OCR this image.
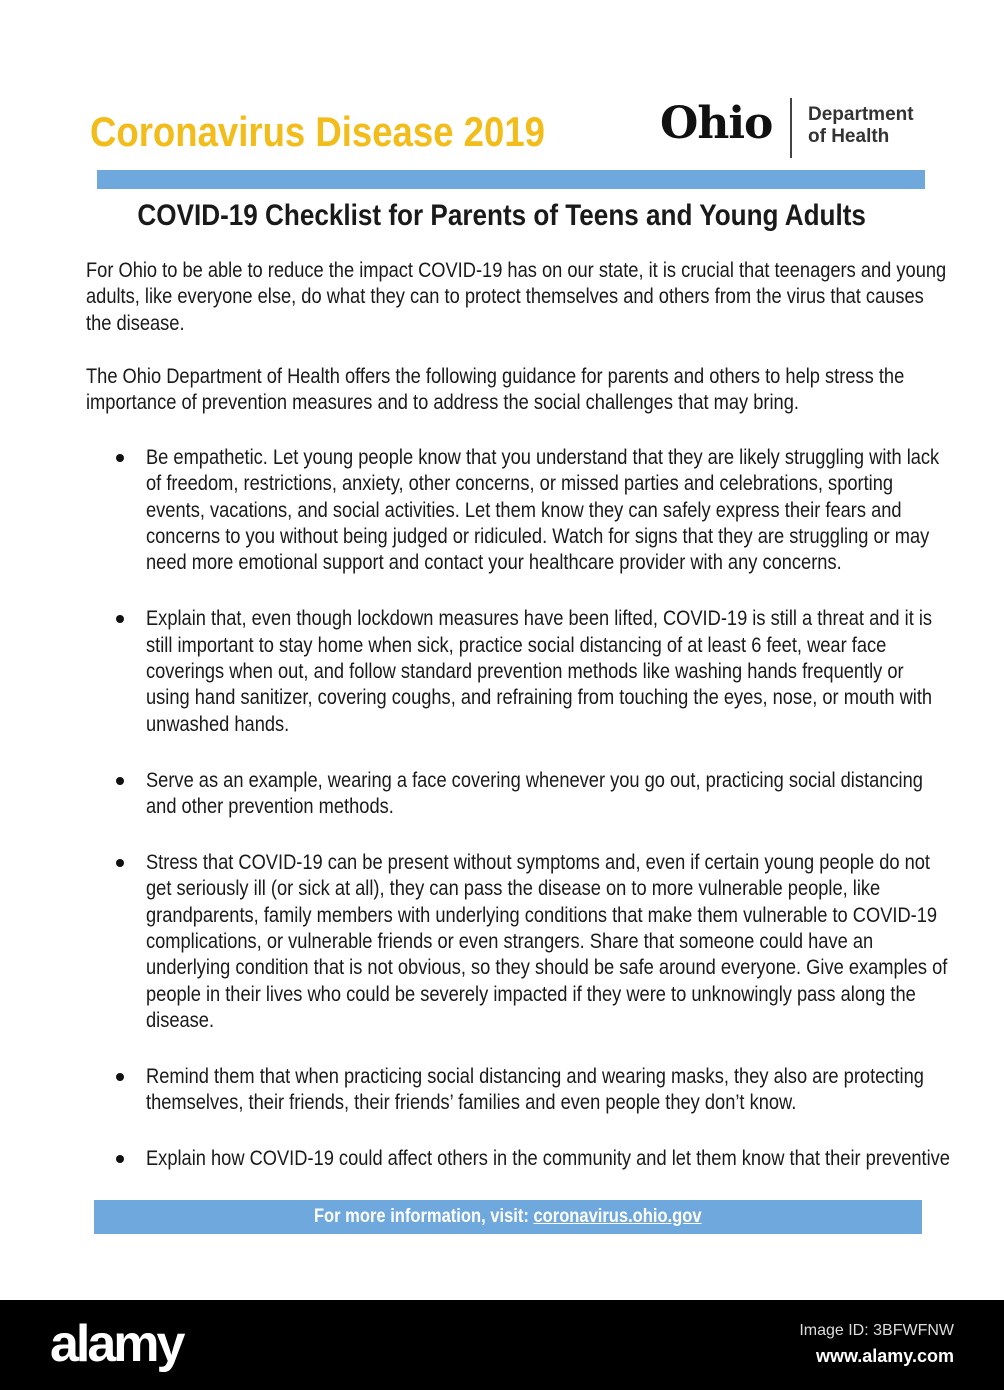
Coronavirus Disease 2019	Ohio Department
of Health
COVID-19 Checklist for Parents of Teens and Young Adults
For Ohio to be able to reduce the impact COVID-19 has on our state, it is crucial that teenagers and young
adults, like everyone else, do what they can to protect themselves and others from the virus that causes
the disease.
The Ohio Department of Health offers the following guidance for parents and others to help stress the
importance of prevention measures and to address the social challenges that may bring.
Be empathetic. Let young people know that you understand that they are likely struggling with lack
of freedom, restrictions, anxiety, other concerns, or missed parties and celebrations, sporting
events, vacations, and social activities. Let them know they can safely express their fears and
concerns to you without being judged or ridiculed. Watch for signs that they are struggling or may
need more emotional support and contact your healthcare provider with any concerns.
Explain that, even though lockdown measures have been lifted, COVID-19 is still a threat and it is
still important to stay home when sick, practice social distancing of at least 6 feet, wear face
coverings when out, and follow standard prevention methods like washing hands frequently or
using hand sanitizer, covering coughs, and refraining from touching the eyes, nose, or mouth with
unwashed hands.
Serve as an example, wearing a face covering whenever you go out, practicing social distancing
and other prevention methods.
Stress that COVID-19 can be present without symptoms and, even if certain young people do not
get seriously ill (or sick at all), they can pass the disease on to more vulnerable people, like
grandparents, family members with underlying conditions that make them vulnerable to COVID-19
complications, or vulnerable friends or even strangers. Share that someone could have an
underlying condition that is not obvious, so they should be safe around everyone. Give examples of
people in their lives who could be severely impacted if they were to unknowingly pass along the
disease.
Remind them that when practicing social distancing and wearing masks, they also are protecting
themselves, their friends, their friends’ families and even people they don’t know.
Explain how COVID-19 could affect others in the community and let them know that their preventive
For more information, visit: coronavirus.ohio.gov
alamy	Image ID: 3BFWFNW
www.alamy.com
